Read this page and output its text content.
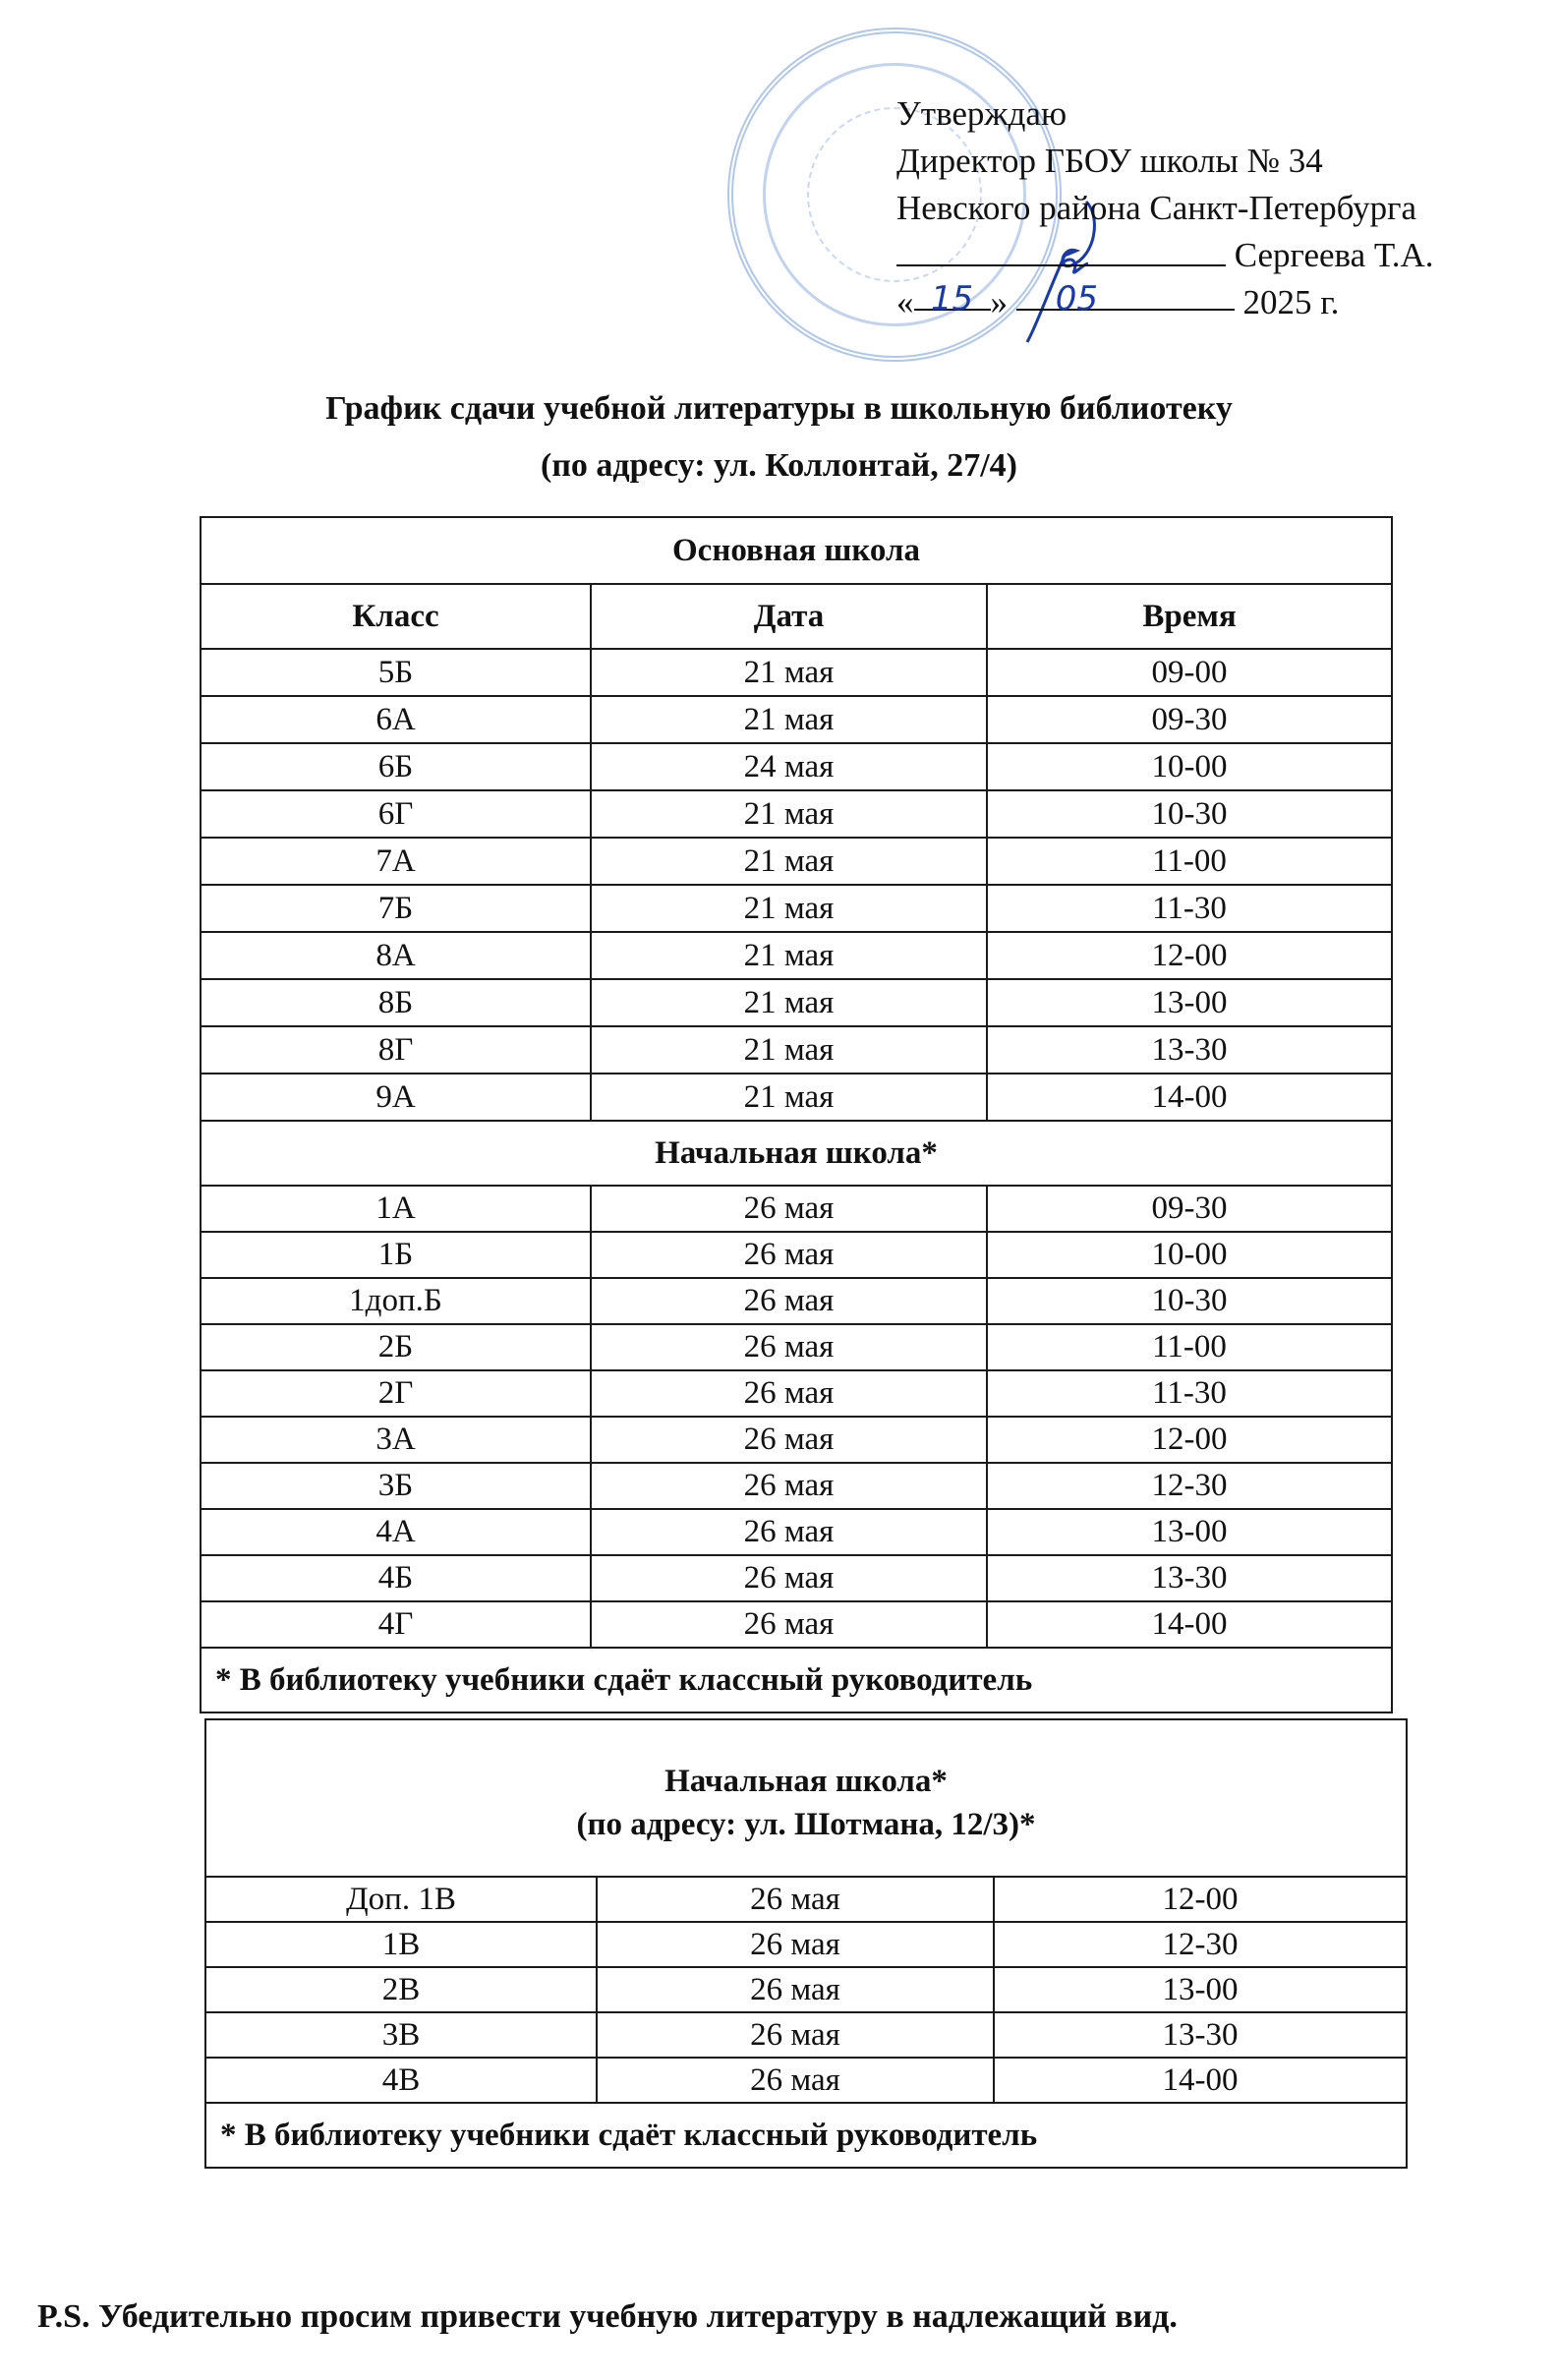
Утверждаю
Директор ГБОУ школы № 34
Невского района Санкт-Петербурга
Сергеева Т.А.
« 15 » 05	2025 г.
График сдачи учебной литературы в школьную библиотеку
(по адресу: ул. Коллонтай, 27/4)
Основная школа		
Класс	Дата	Время
5Б	21 мая	09-00
6А	21 мая	09-30
6Б	24 мая	10-00
6Г	21 мая	10-30
7А	21 мая	11-00
7Б	21 мая	11-30
8А	21 мая	12-00
8Б	21 мая	13-00
8Г	21 мая	13-30
9А	21 мая	14-00
Начальная школа*		
1А	26 мая	09-30
1Б	26 мая	10-00
1доп.Б	26 мая	10-30
2Б	26 мая	11-00
2Г	26 мая	11-30
3А	26 мая	12-00
3Б	26 мая	12-30
4А	26 мая	13-00
4Б	26 мая	13-30
4Г	26 мая	14-00
* В библиотеку учебники сдаёт классный руководитель		
Начальная школа*
(по адресу: ул. Шотмана, 12/3)*		

Доп. 1В	26 мая	12-00
1В	26 мая	12-30
2В	26 мая	13-00
3В	26 мая	13-30
4В	26 мая	14-00
* В библиотеку учебники сдаёт классный руководитель		
P.S. Убедительно просим привести учебную литературу в надлежащий вид.
